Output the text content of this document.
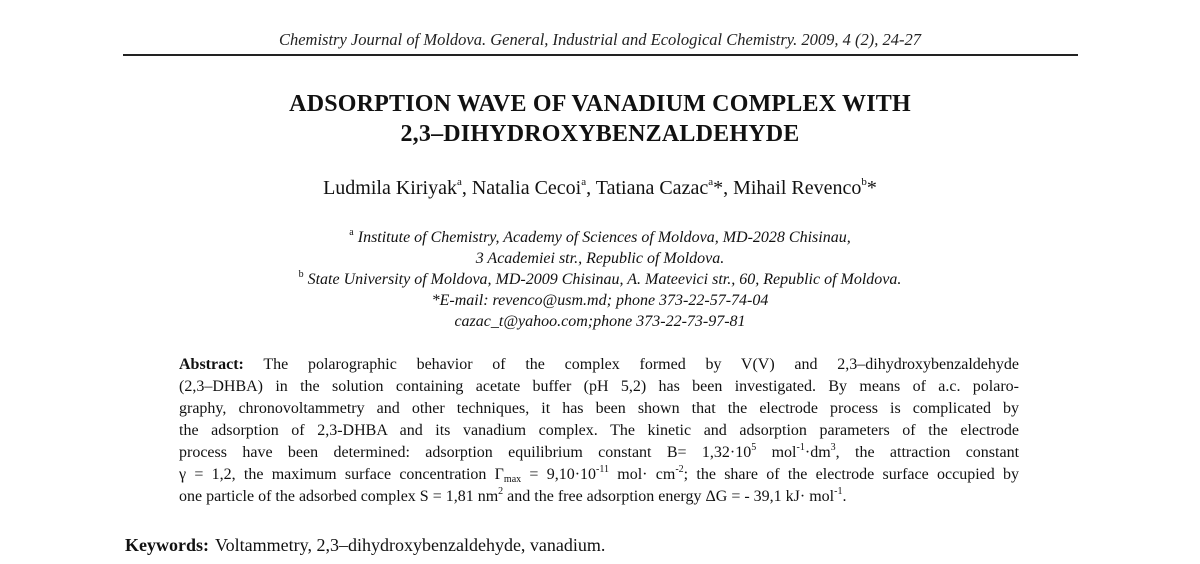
Chemistry Journal of Moldova. General, Industrial and Ecological Chemistry. 2009, 4 (2), 24-27
ADSORPTION WAVE OF VANADIUM COMPLEX WITH
2,3–DIHYDROXYBENZALDEHYDE
Ludmila Kiriyak$^a$, Natalia Cecoi$^a$, Tatiana Cazac$^a$*, Mihail Revenco$^b$*
$^a$ Institute of Chemistry, Academy of Sciences of Moldova, MD-2028 Chisinau,
3 Academiei str., Republic of Moldova.
$^b$ State University of Moldova, MD-2009 Chisinau, A. Mateevici str., 60, Republic of Moldova.
*E-mail: revenco@usm.md; phone 373-22-57-74-04
cazac_t@yahoo.com;phone 373-22-73-97-81
Abstract: The polarographic behavior of the complex formed by V(V) and 2,3–dihydroxybenzaldehyde
(2,3–DHBA) in the solution containing acetate buffer (pH 5,2) has been investigated. By means of a.c. polaro-
graphy, chronovoltammetry and other techniques, it has been shown that the electrode process is complicated by
the adsorption of 2,3-DHBA and its vanadium complex. The kinetic and adsorption parameters of the electrode
process have been determined: adsorption equilibrium constant $B= 1,32\cdot 10^5$ $mol^{-1}\cdot dm^3$, the attraction constant
γ = 1,2, the maximum surface concentration $\Gamma_{max} = 9,10\cdot 10^{-11}$ $mol\cdot cm^{-2}$; the share of the electrode surface occupied by
one particle of the adsorbed complex S = 1,81 $nm^2$ and the free adsorption energy ΔG = - 39,1 kJ· mol$^{-1}$.
Keywords: Voltammetry, 2,3–dihydroxybenzaldehyde, vanadium.
